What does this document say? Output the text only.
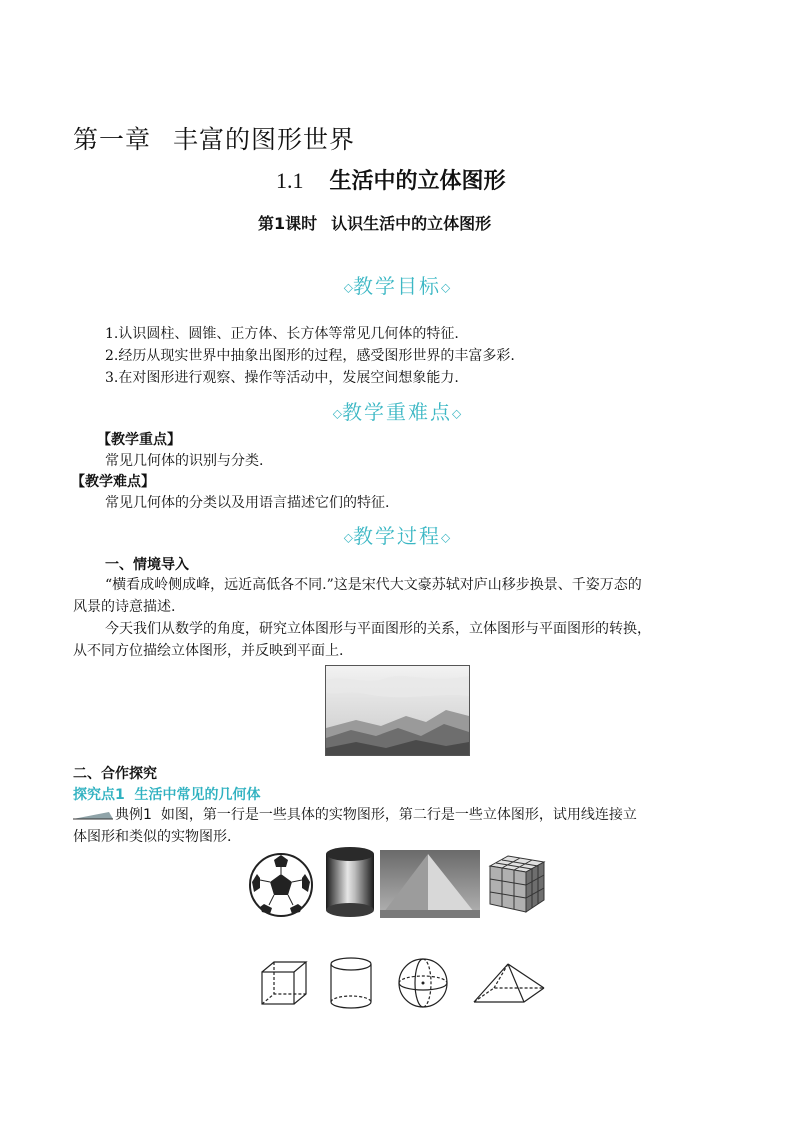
第一章 丰富的图形世界
1.1 生活中的立体图形
第1课时 认识生活中的立体图形
◇教学目标◇
1.认识圆柱、圆锥、正方体、长方体等常见几何体的特征.
2.经历从现实世界中抽象出图形的过程，感受图形世界的丰富多彩.
3.在对图形进行观察、操作等活动中，发展空间想象能力.
◇教学重难点◇
【教学重点】
常见几何体的识别与分类.
【教学难点】
常见几何体的分类以及用语言描述它们的特征.
◇教学过程◇
一、情境导入
“横看成岭侧成峰，远近高低各不同.”这是宋代大文豪苏轼对庐山移步换景、千姿万态的
风景的诗意描述.
今天我们从数学的角度，研究立体图形与平面图形的关系，立体图形与平面图形的转换，
从不同方位描绘立体图形，并反映到平面上.
二、合作探究
探究点1 生活中常见的几何体
典例1 如图，第一行是一些具体的实物图形，第二行是一些立体图形，试用线连接立
体图形和类似的实物图形.
